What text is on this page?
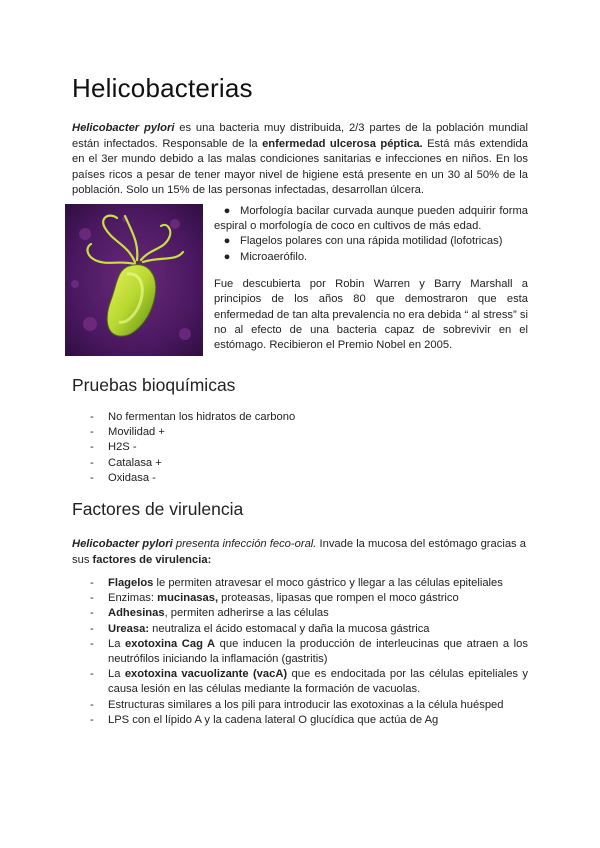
Helicobacterias

Helicobacter pylori es una bacteria muy distribuida, 2/3 partes de la población mundial están infectados. Responsable de la enfermedad ulcerosa péptica. Está más extendida en el 3er mundo debido a las malas condiciones sanitarias e infecciones en niños. En los países ricos a pesar de tener mayor nivel de higiene está presente en un 30 al 50% de la población. Solo un 15% de las personas infectadas, desarrollan úlcera.

● Morfología bacilar curvada aunque pueden adquirir forma espiral o morfología de coco en cultivos de más edad.
● Flagelos polares con una rápida motilidad (lofotricas)
● Microaerófilo.

Fue descubierta por Robin Warren y Barry Marshall a principios de los años 80 que demostraron que esta enfermedad de tan alta prevalencia no era debida “ al stress” si no al efecto de una bacteria capaz de sobrevivir en el estómago. Recibieron el Premio Nobel en 2005.

Pruebas bioquímicas
- No fermentan los hidratos de carbono
- Movilidad +
- H2S -
- Catalasa +
- Oxidasa -
Factores de virulencia

Helicobacter pylori presenta infección feco-oral. Invade la mucosa del estómago gracias a sus factores de virulencia:

- Flagelos le permiten atravesar el moco gástrico y llegar a las células epiteliales
- Enzimas: mucinasas, proteasas, lipasas que rompen el moco gástrico
- Adhesinas, permiten adherirse a las células
- Ureasa: neutraliza el ácido estomacal y daña la mucosa gástrica
- La exotoxina Cag A que inducen la producción de interleucinas que atraen a los neutrófilos iniciando la inflamación (gastritis)
- La exotoxina vacuolizante (vacA) que es endocitada por las células epiteliales y causa lesión en las células mediante la formación de vacuolas.
- Estructuras similares a los pili para introducir las exotoxinas a la célula huésped
- LPS con el lípido A y la cadena lateral O glucídica que actúa de Ag
